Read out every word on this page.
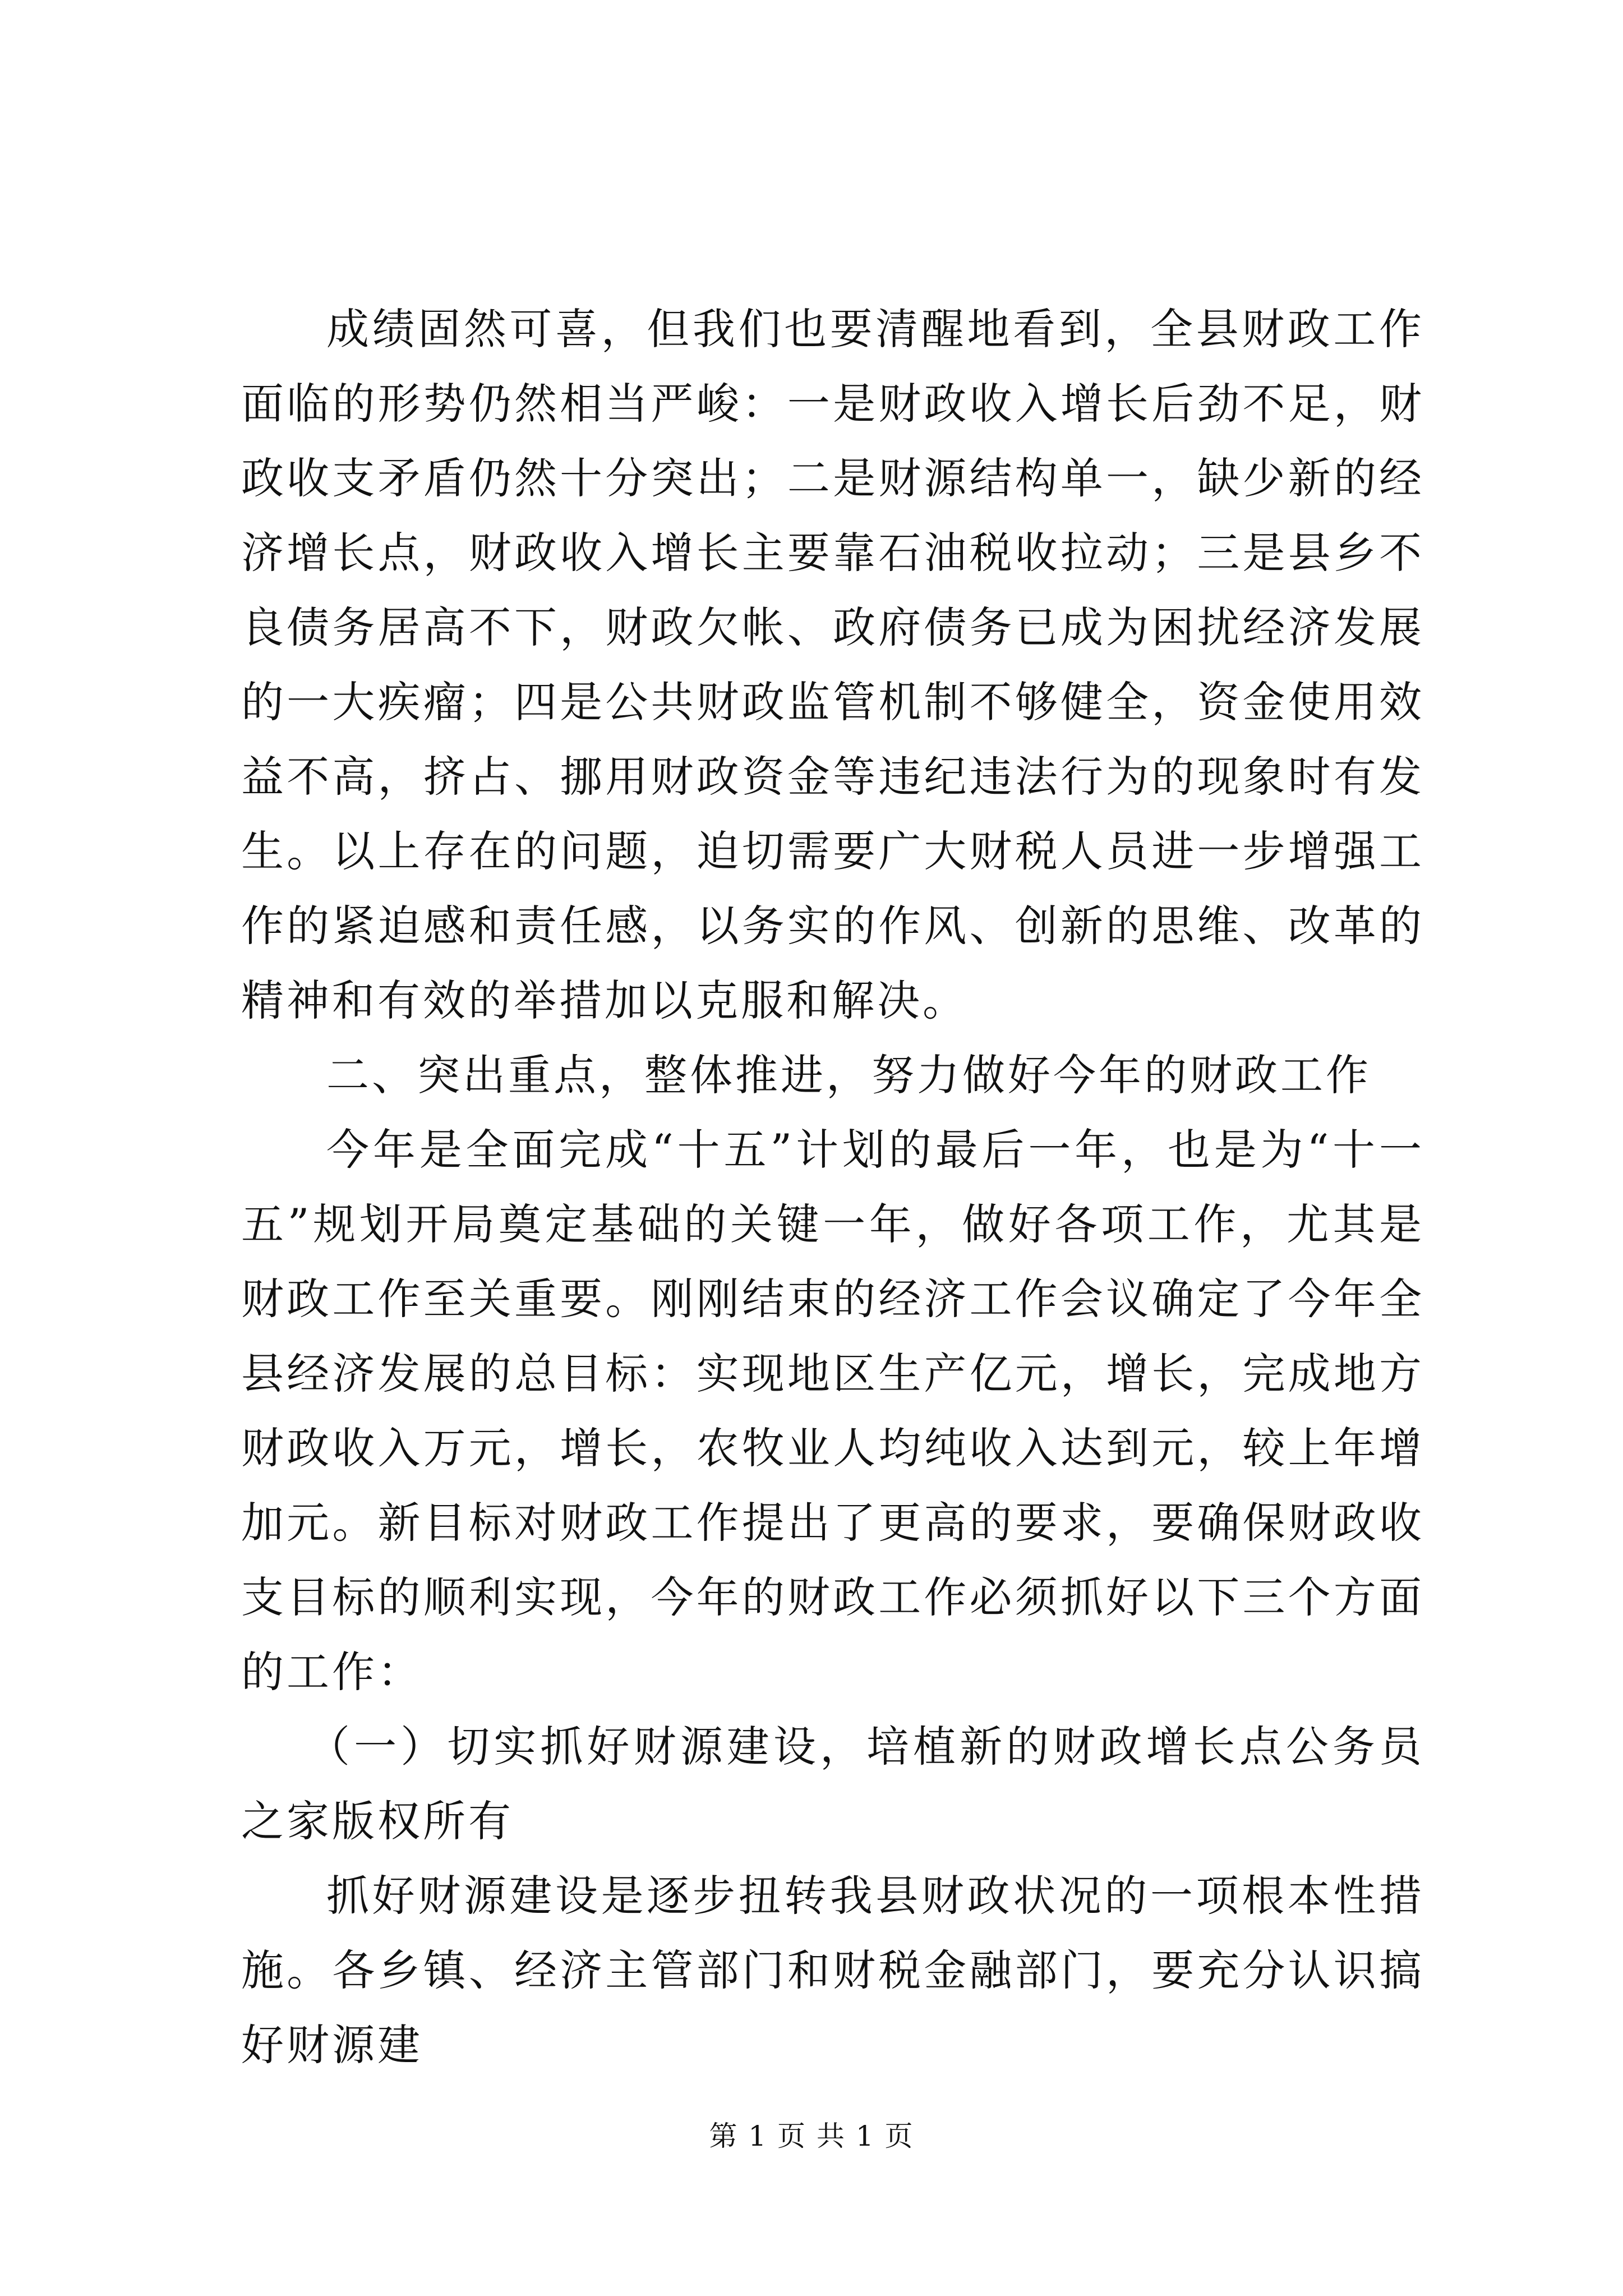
成绩固然可喜，但我们也要清醒地看到，全县财政工作面临的形势仍然相当严峻：一是财政收入增长后劲不足，财政收支矛盾仍然十分突出；二是财源结构单一，缺少新的经济增长点，财政收入增长主要靠石油税收拉动；三是县乡不良债务居高不下，财政欠帐、政府债务已成为困扰经济发展的一大疾瘤；四是公共财政监管机制不够健全，资金使用效益不高，挤占、挪用财政资金等违纪违法行为的现象时有发生。以上存在的问题，迫切需要广大财税人员进一步增强工作的紧迫感和责任感，以务实的作风、创新的思维、改革的精神和有效的举措加以克服和解决。

二、突出重点，整体推进，努力做好今年的财政工作

今年是全面完成“十五”计划的最后一年，也是为“十一五”规划开局奠定基础的关键一年，做好各项工作，尤其是财政工作至关重要。刚刚结束的经济工作会议确定了今年全县经济发展的总目标：实现地区生产亿元，增长，完成地方财政收入万元，增长，农牧业人均纯收入达到元，较上年增加元。新目标对财政工作提出了更高的要求，要确保财政收支目标的顺利实现，今年的财政工作必须抓好以下三个方面的工作：

（一）切实抓好财源建设，培植新的财政增长点公务员之家版权所有

抓好财源建设是逐步扭转我县财政状况的一项根本性措施。各乡镇、经济主管部门和财税金融部门，要充分认识搞好财源建

第 1 页 共 1 页
